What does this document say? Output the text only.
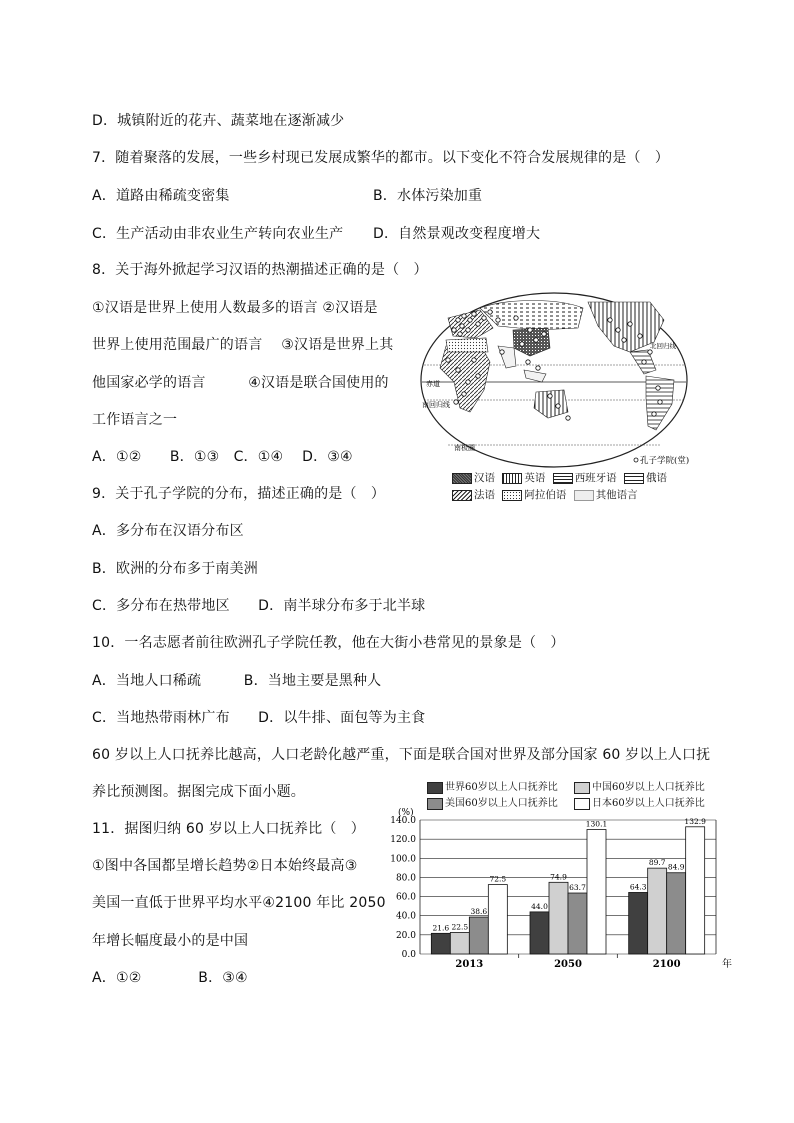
D．城镇附近的花卉、蔬菜地在逐渐减少
7．随着聚落的发展，一些乡村现已发展成繁华的都市。以下变化不符合发展规律的是（　）
A．道路由稀疏变密集	B．水体污染加重
C．生产活动由非农业生产转向农业生产 D．自然景观改变程度增大
8．关于海外掀起学习汉语的热潮描述正确的是（　）
①汉语是世界上使用人数最多的语言 ②汉语是
世界上使用范围最广的语言　 ③汉语是世界上其
他国家必学的语言　　　④汉语是联合国使用的
工作语言之一
A．①②　　B．①③　C．①④　 D．③④
9．关于孔子学院的分布，描述正确的是（　）
A．多分布在汉语分布区
B．欧洲的分布多于南美洲
C．多分布在热带地区　　D．南半球分布多于北半球
10．一名志愿者前往欧洲孔子学院任教，他在大街小巷常见的景象是（　）
A．当地人口稀疏　　　B．当地主要是黑种人
C．当地热带雨林广布　　D．以牛排、面包等为主食
60 岁以上人口抚养比越高，人口老龄化越严重，下面是联合国对世界及部分国家 60 岁以上人口抚
养比预测图。据图完成下面小题。
11．据图归纳 60 岁以上人口抚养比（　）
①图中各国都呈增长趋势②日本始终最高③
美国一直低于世界平均水平④2100 年比 2050
年增长幅度最小的是中国
A．①②　　　　B．③④
赤道
南回归线
南极圈
北回归线
孔子学院(堂)
汉语	英语	西班牙语	俄语
法语	阿拉伯语	其他语言
世界60岁以上人口抚养比	中国60岁以上人口抚养比
美国60岁以上人口抚养比	日本60岁以上人口抚养比
0.0
20.0
40.0
60.0
80.0
100.0
120.0
140.0
(%)
21.6 22.5
38.6
72.5
2013
44.0
74.9
63.7
130.1
2050
64.3
89.7
84.9
132.9
2100	年
